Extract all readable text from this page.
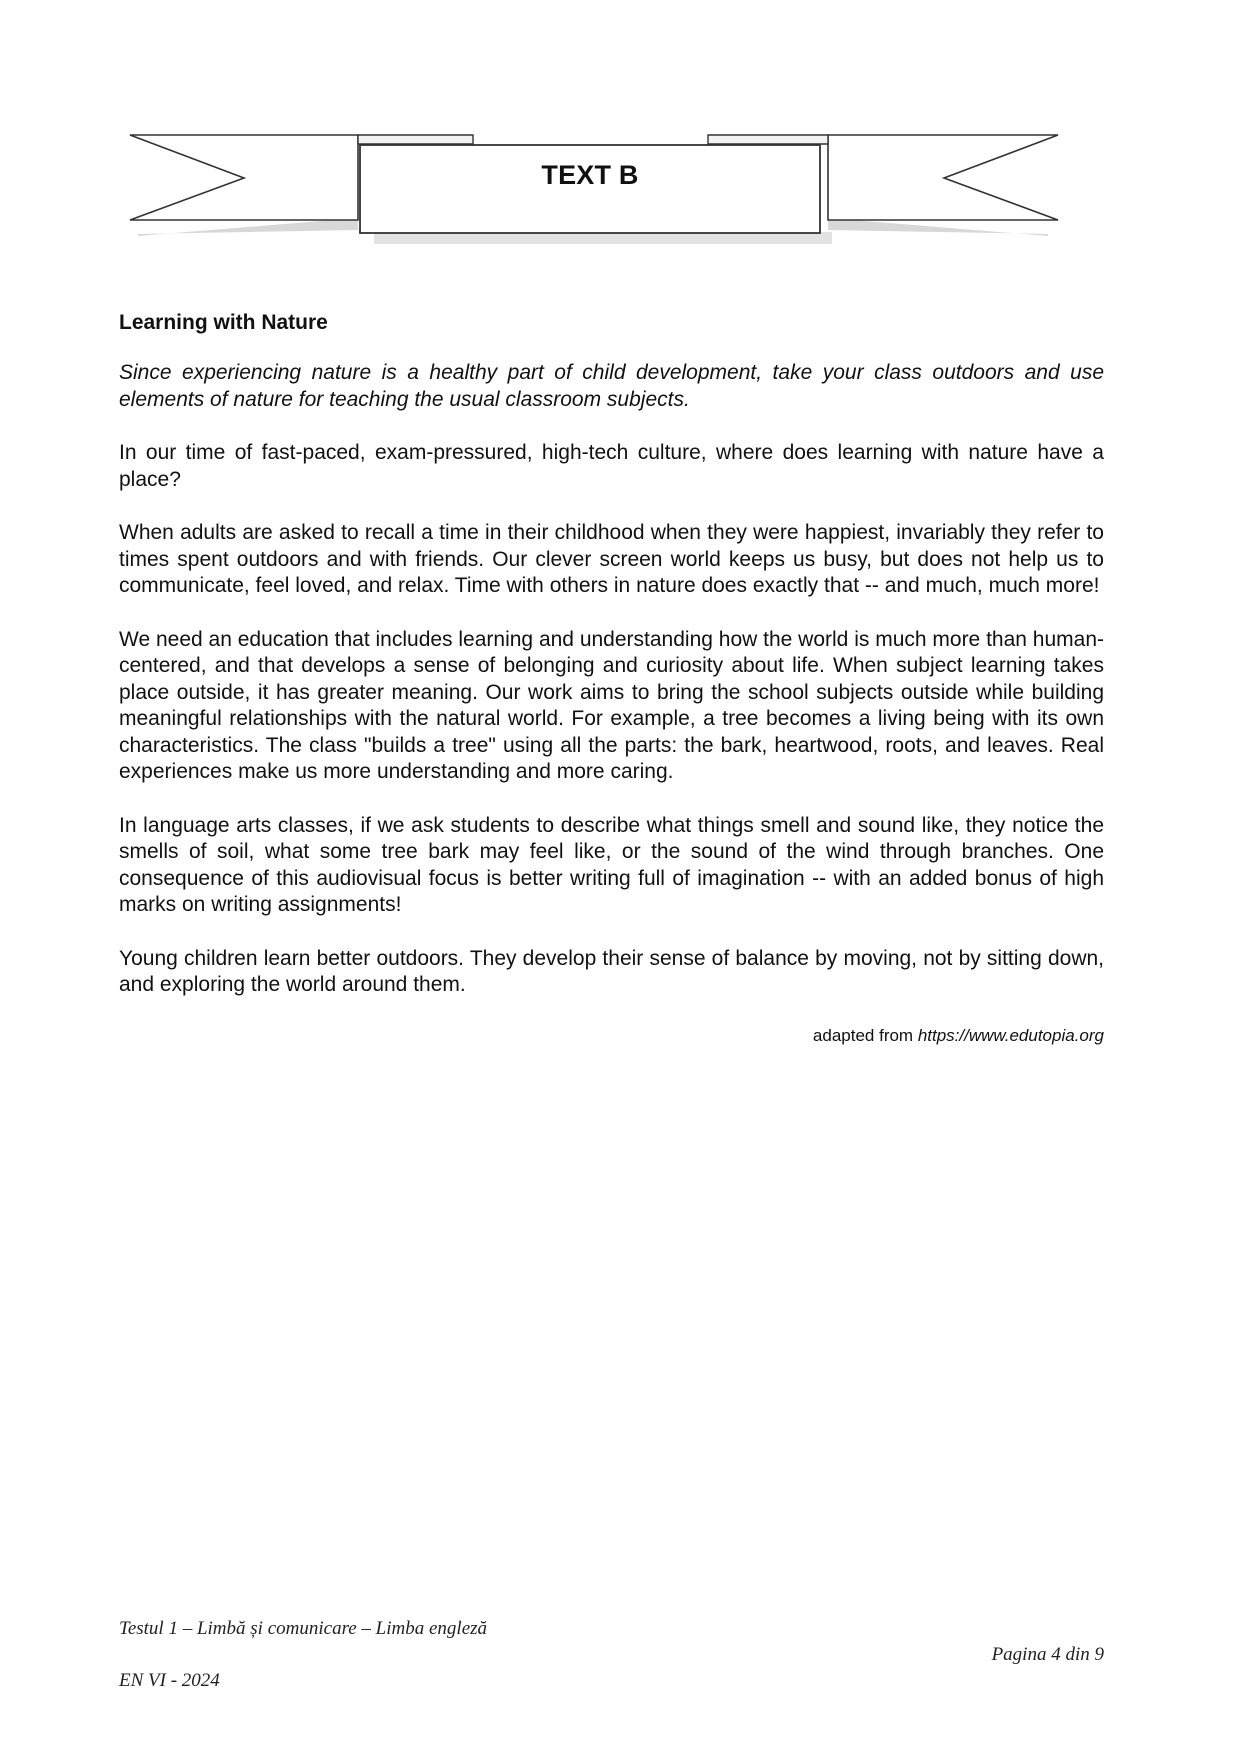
TEXT B
Learning with Nature

Since experiencing nature is a healthy part of child development, take your class outdoors and use elements of nature for teaching the usual classroom subjects.

In our time of fast-paced, exam-pressured, high-tech culture, where does learning with nature have a place?

When adults are asked to recall a time in their childhood when they were happiest, invariably they refer to times spent outdoors and with friends. Our clever screen world keeps us busy, but does not help us to communicate, feel loved, and relax. Time with others in nature does exactly that -- and much, much more!

We need an education that includes learning and understanding how the world is much more than human-centered, and that develops a sense of belonging and curiosity about life. When subject learning takes place outside, it has greater meaning. Our work aims to bring the school subjects outside while building meaningful relationships with the natural world. For example, a tree becomes a living being with its own characteristics. The class "builds a tree" using all the parts: the bark, heartwood, roots, and leaves. Real experiences make us more understanding and more caring.

In language arts classes, if we ask students to describe what things smell and sound like, they notice the smells of soil, what some tree bark may feel like, or the sound of the wind through branches. One consequence of this audiovisual focus is better writing full of imagination -- with an added bonus of high marks on writing assignments!

Young children learn better outdoors. They develop their sense of balance by moving, not by sitting down, and exploring the world around them.

adapted from https://www.edutopia.org
Testul 1 – Limbă și comunicare – Limba engleză
Pagina 4 din 9
EN VI - 2024
